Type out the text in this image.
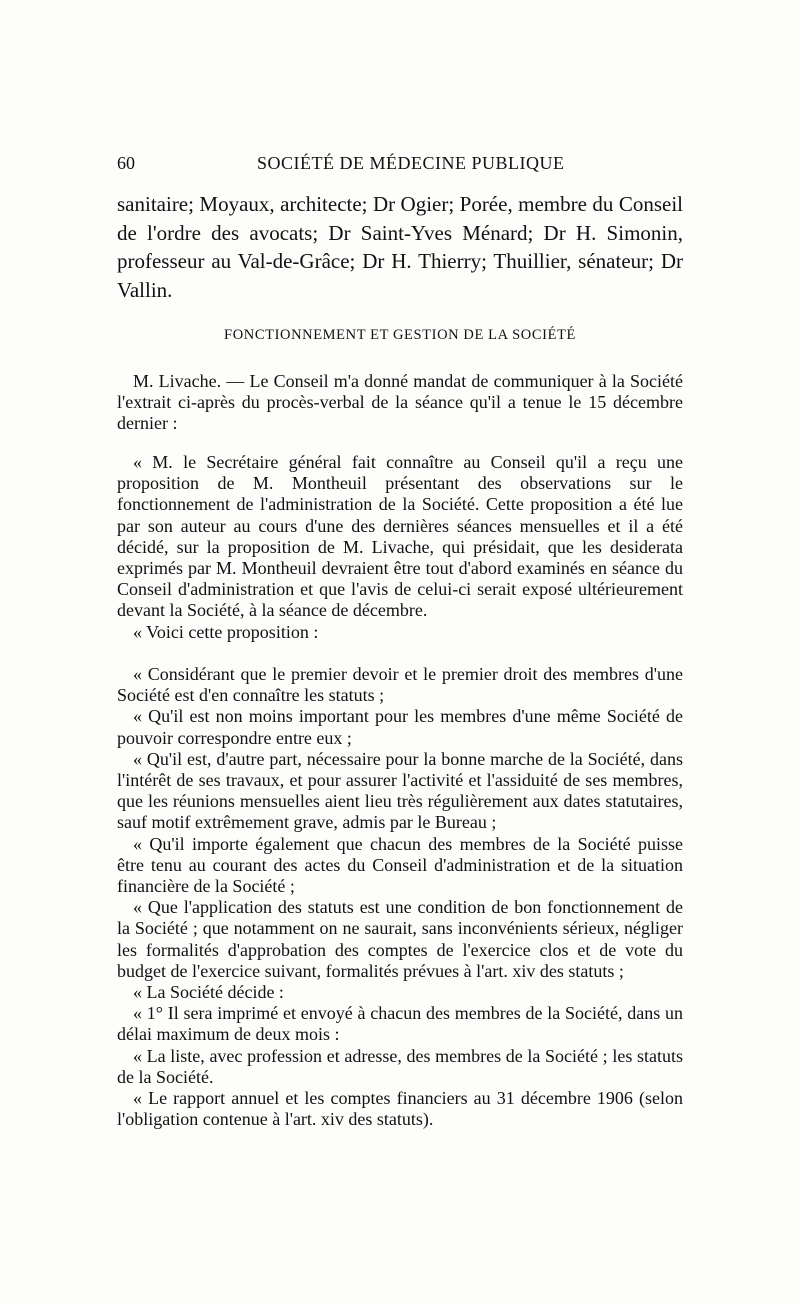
60	SOCIÉTÉ DE MÉDECINE PUBLIQUE

sanitaire; Moyaux, architecte; Dr Ogier; Porée, membre du Conseil de l'ordre des avocats; Dr Saint-Yves Ménard; Dr H. Simonin, professeur au Val-de-Grâce; Dr H. Thierry; Thuillier, sénateur; Dr Vallin.

FONCTIONNEMENT ET GESTION DE LA SOCIÉTÉ

M. Livache. — Le Conseil m'a donné mandat de communiquer à la Société l'extrait ci-après du procès-verbal de la séance qu'il a tenue le 15 décembre dernier :

« M. le Secrétaire général fait connaître au Conseil qu'il a reçu une proposition de M. Montheuil présentant des observations sur le fonctionnement de l'administration de la Société. Cette proposition a été lue par son auteur au cours d'une des dernières séances mensuelles et il a été décidé, sur la proposition de M. Livache, qui présidait, que les desiderata exprimés par M. Montheuil devraient être tout d'abord examinés en séance du Conseil d'administration et que l'avis de celui-ci serait exposé ultérieurement devant la Société, à la séance de décembre.

« Voici cette proposition :

« Considérant que le premier devoir et le premier droit des membres d'une Société est d'en connaître les statuts ;

« Qu'il est non moins important pour les membres d'une même Société de pouvoir correspondre entre eux ;

« Qu'il est, d'autre part, nécessaire pour la bonne marche de la Société, dans l'intérêt de ses travaux, et pour assurer l'activité et l'assiduité de ses membres, que les réunions mensuelles aient lieu très régulièrement aux dates statutaires, sauf motif extrêmement grave, admis par le Bureau ;

« Qu'il importe également que chacun des membres de la Société puisse être tenu au courant des actes du Conseil d'administration et de la situation financière de la Société ;

« Que l'application des statuts est une condition de bon fonctionnement de la Société ; que notamment on ne saurait, sans inconvénients sérieux, négliger les formalités d'approbation des comptes de l'exercice clos et de vote du budget de l'exercice suivant, formalités prévues à l'art. xiv des statuts ;

« La Société décide :

« 1° Il sera imprimé et envoyé à chacun des membres de la Société, dans un délai maximum de deux mois :

« La liste, avec profession et adresse, des membres de la Société ; les statuts de la Société.

« Le rapport annuel et les comptes financiers au 31 décembre 1906 (selon l'obligation contenue à l'art. xiv des statuts).
